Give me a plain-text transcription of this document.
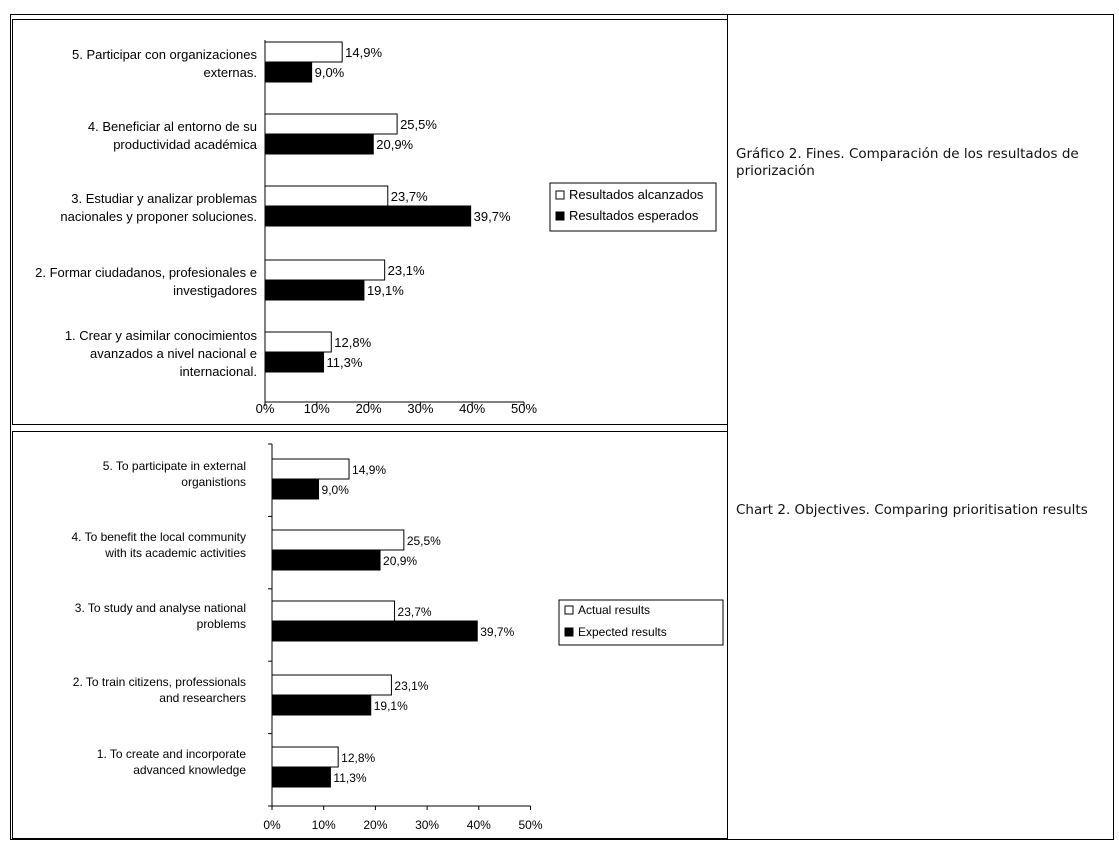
14,9%
9,0%
5. Participar con organizaciones externas.
25,5%
20,9%
4. Beneficiar al entorno de su productividad académica
23,7%
39,7%
3. Estudiar y analizar problemas nacionales y proponer soluciones.
23,1%
19,1%
2. Formar ciudadanos, profesionales e investigadores
12,8%
11,3%
1. Crear y asimilar conocimientos avanzados a nivel nacional e internacional.
0% 10% 20% 30% 40% 50%
Resultados alcanzados
Resultados esperados
14,9%
9,0%
5. To participate in external organistions
25,5%
20,9%
4. To benefit the local community with its academic activities
23,7%
39,7%
3. To study and analyse national problems
23,1%
19,1%
2. To train citizens, professionals and researchers
12,8%
11,3%
1. To create and incorporate advanced knowledge
0%	10% 20% 30% 40% 50%
Actual results
Expected results
Gráfico 2. Fines. Comparación de los resultados de priorización
Chart 2. Objectives. Comparing prioritisation results
